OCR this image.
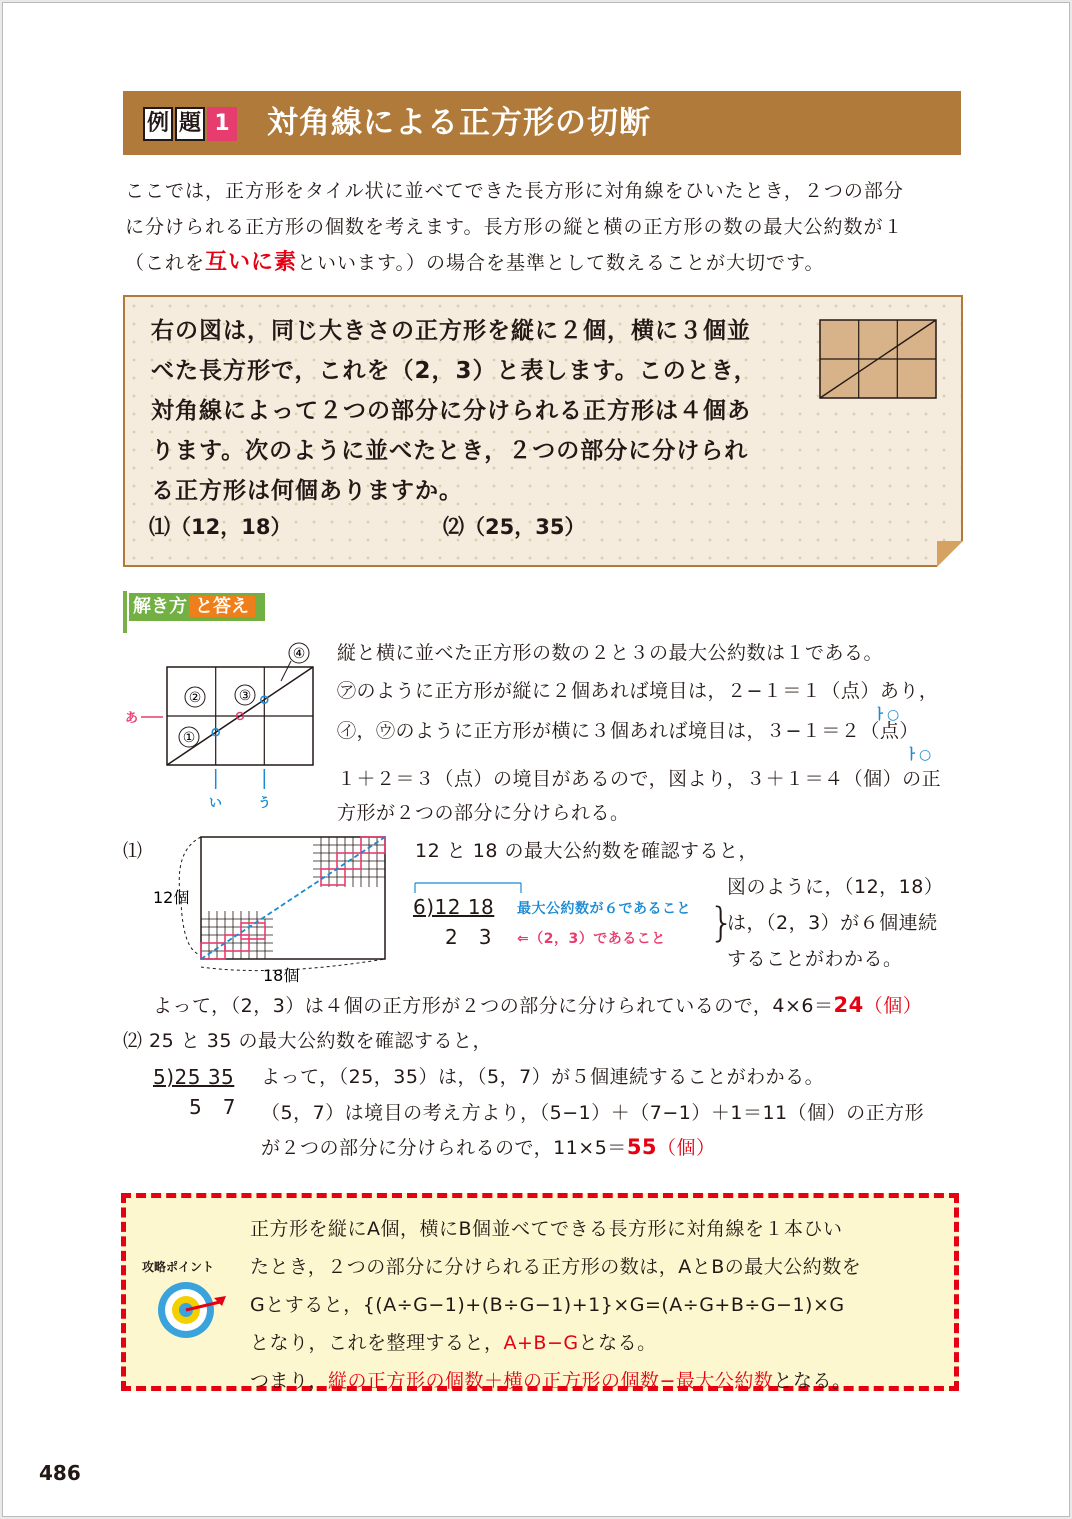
例 題 1 対角線による正方形の切断
ここでは，正方形をタイル状に並べてできた長方形に対角線をひいたとき，２つの部分
に分けられる正方形の個数を考えます。長方形の縦と横の正方形の数の最大公約数が１
（これを互いに素といいます。）の場合を基準として数えることが大切です。
右の図は，同じ大きさの正方形を縦に２個，横に３個並
べた長方形で，これを（2，3）と表します。このとき，
対角線によって２つの部分に分けられる正方形は４個あ
ります。次のように並べたとき，２つの部分に分けられ
る正方形は何個ありますか。
⑴（12，18）	⑵（25，35）
解き方 と答え
①
②	③
④
あ
い	う
縦と横に並べた正方形の数の２と３の最大公約数は１である。
㋐のように正方形が縦に２個あれば境目は，２−１＝１（点）あり，
ㅏ○
㋑，㋒のように正方形が横に３個あれば境目は，３−１＝２（点）
ㅏ○
１＋２＝３（点）の境目があるので，図より，３＋１＝４（個）の正
方形が２つの部分に分けられる。
⑴
12個
18個
12 と 18 の最大公約数を確認すると，
6)12 18
2　3
最大公約数が６であること
⇐（2，3）であること }
図のように，（12，18）
は，（2，3）が６個連続
することがわかる。
よって，（2，3）は４個の正方形が２つの部分に分けられているので，4×6＝24（個）
⑵ 25 と 35 の最大公約数を確認すると，
5)25 35
5　7
よって，（25，35）は，（5，7）が５個連続することがわかる。
（5，7）は境目の考え方より，（5−1）＋（7−1）＋1＝11（個）の正方形
が２つの部分に分けられるので，11×5＝55（個）
攻略ポイント
正方形を縦にA個，横にB個並べてできる長方形に対角線を１本ひい
たとき，２つの部分に分けられる正方形の数は，AとBの最大公約数を
Gとすると，{(A÷G−1)+(B÷G−1)+1}×G=(A÷G+B÷G−1)×G
となり，これを整理すると，A+B−Gとなる。
つまり，縦の正方形の個数＋横の正方形の個数−最大公約数となる。
486
